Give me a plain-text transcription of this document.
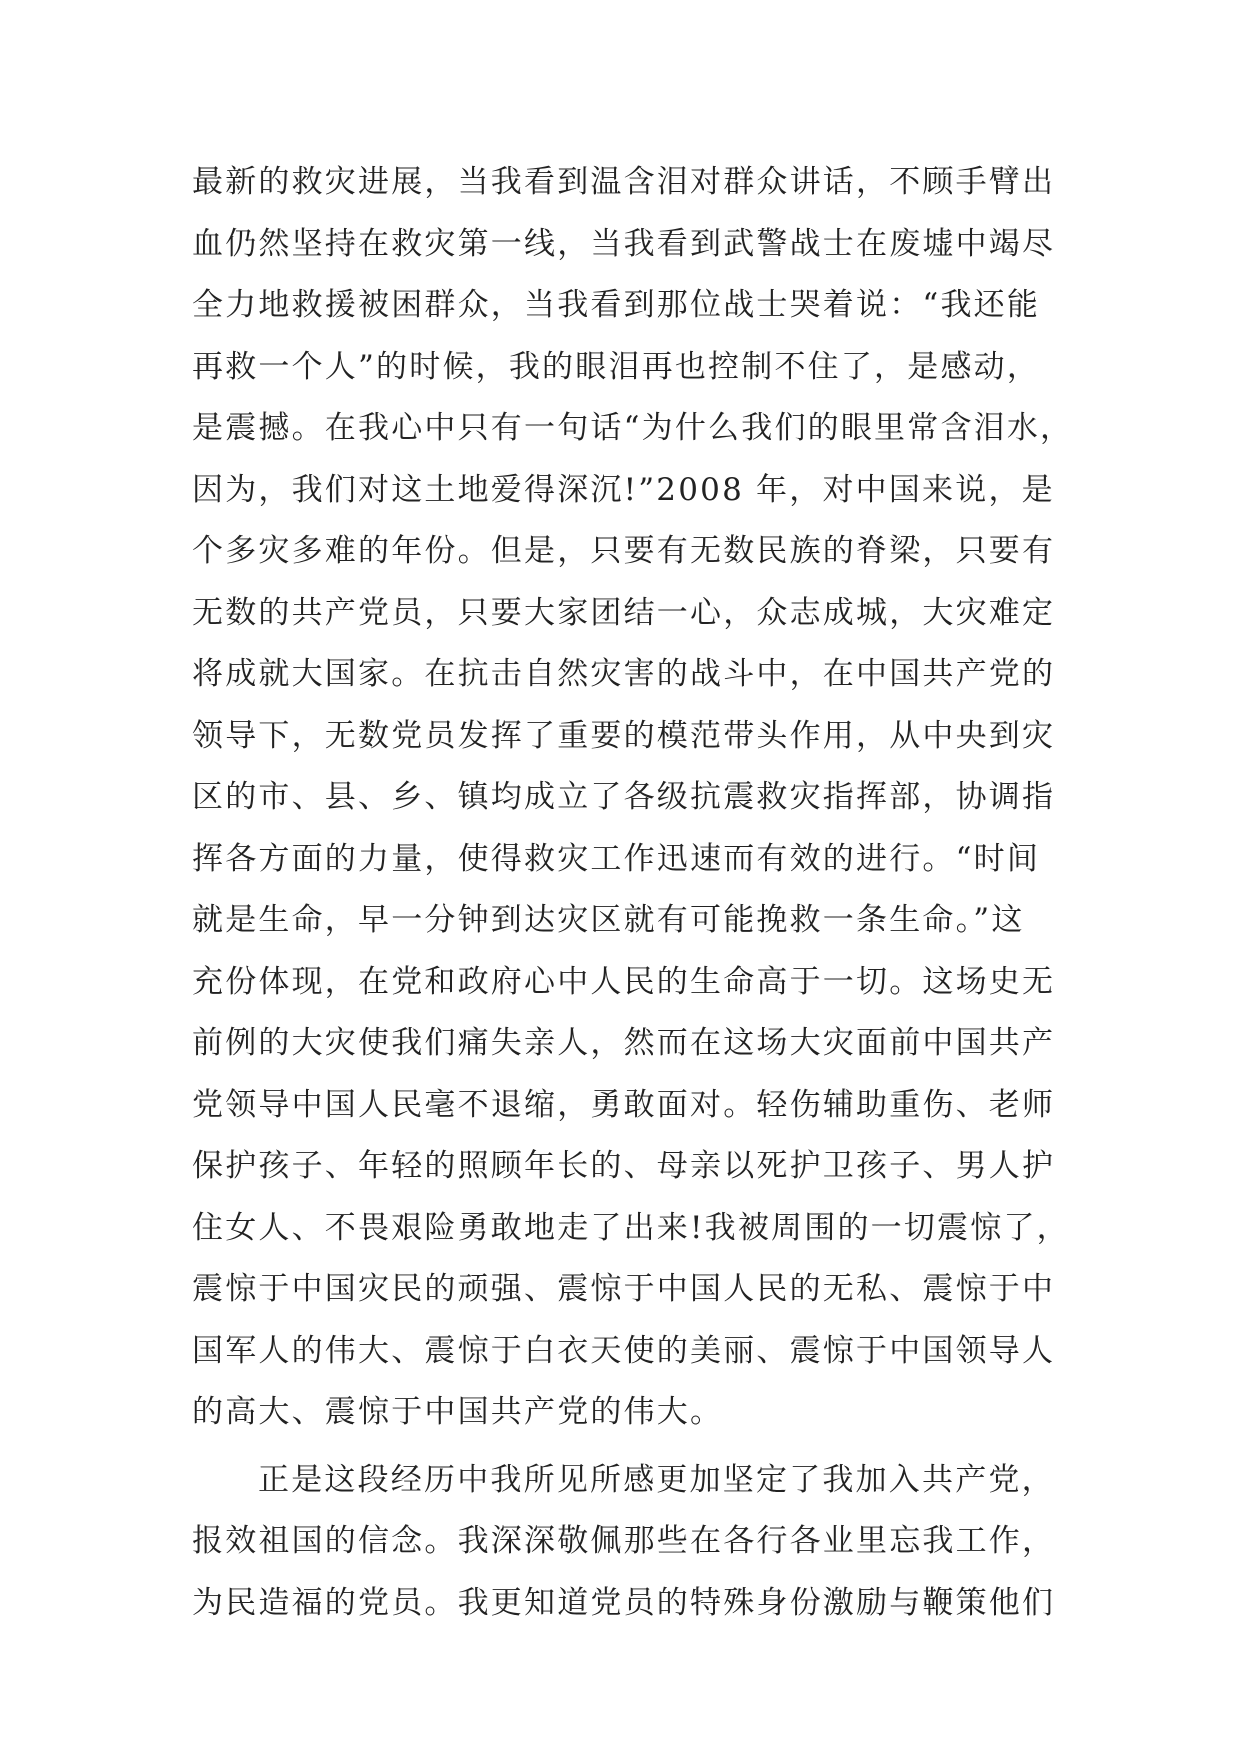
最新的救灾进展，当我看到温含泪对群众讲话，不顾手臂出
血仍然坚持在救灾第一线，当我看到武警战士在废墟中竭尽
全力地救援被困群众，当我看到那位战士哭着说：“我还能
再救一个人”的时候，我的眼泪再也控制不住了，是感动，
是震撼。在我心中只有一句话“为什么我们的眼里常含泪水，
因为，我们对这土地爱得深沉!”2008 年，对中国来说，是
个多灾多难的年份。但是，只要有无数民族的脊梁，只要有
无数的共产党员，只要大家团结一心，众志成城，大灾难定
将成就大国家。在抗击自然灾害的战斗中，在中国共产党的
领导下，无数党员发挥了重要的模范带头作用，从中央到灾
区的市、县、乡、镇均成立了各级抗震救灾指挥部，协调指
挥各方面的力量，使得救灾工作迅速而有效的进行。“时间
就是生命，早一分钟到达灾区就有可能挽救一条生命。”这
充份体现，在党和政府心中人民的生命高于一切。这场史无
前例的大灾使我们痛失亲人，然而在这场大灾面前中国共产
党领导中国人民毫不退缩，勇敢面对。轻伤辅助重伤、老师
保护孩子、年轻的照顾年长的、母亲以死护卫孩子、男人护
住女人、不畏艰险勇敢地走了出来!我被周围的一切震惊了，
震惊于中国灾民的顽强、震惊于中国人民的无私、震惊于中
国军人的伟大、震惊于白衣天使的美丽、震惊于中国领导人
的高大、震惊于中国共产党的伟大。
正是这段经历中我所见所感更加坚定了我加入共产党，
报效祖国的信念。我深深敬佩那些在各行各业里忘我工作，
为民造福的党员。我更知道党员的特殊身份激励与鞭策他们
